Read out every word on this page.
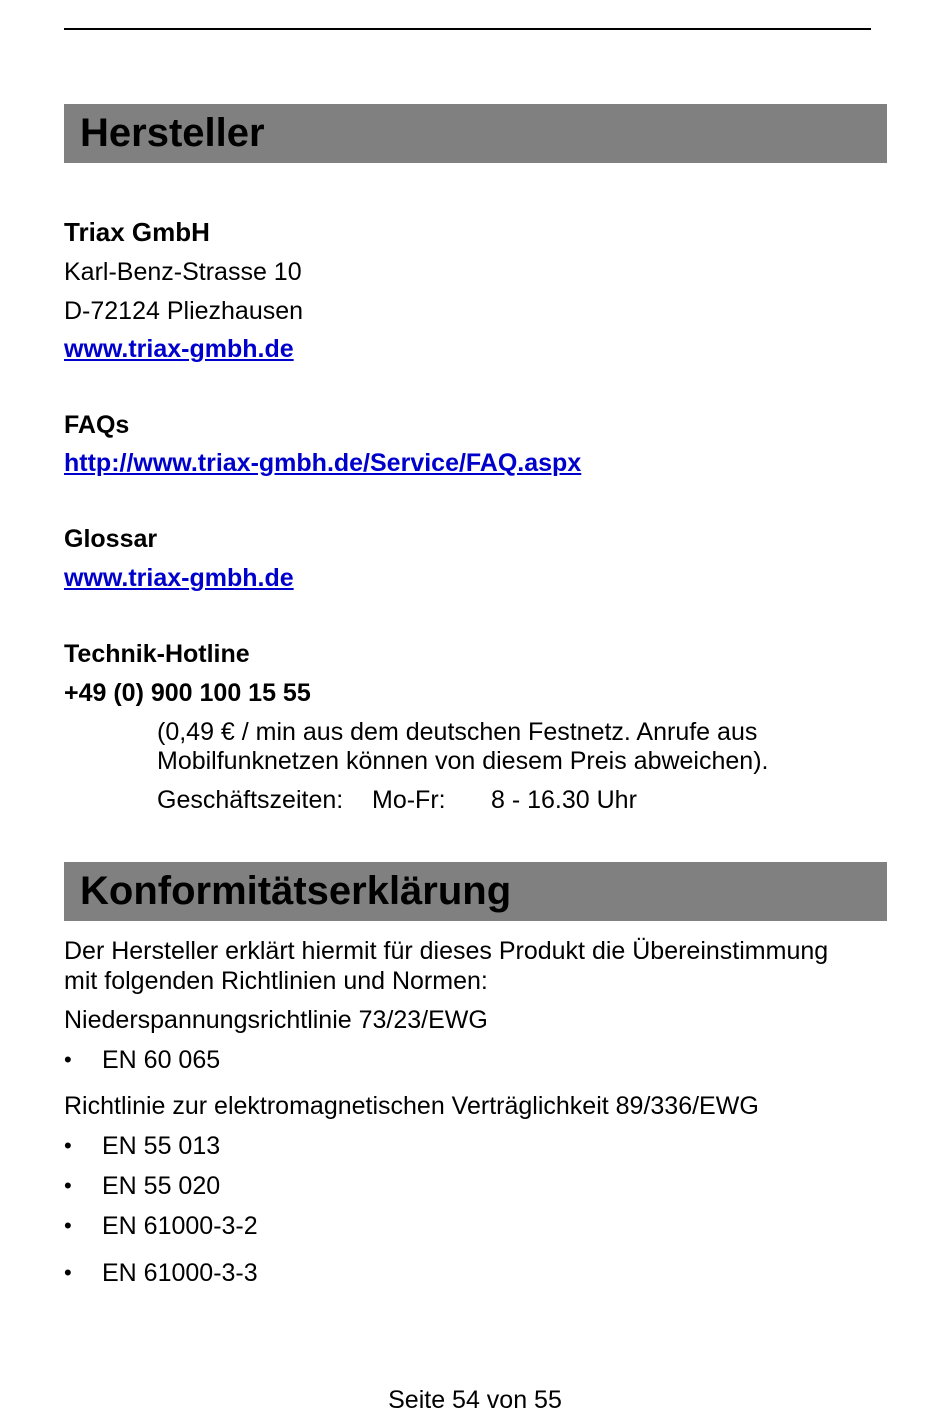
Hersteller
Triax GmbH
Karl-Benz-Strasse 10
D-72124 Pliezhausen
www.triax-gmbh.de
FAQs
http://www.triax-gmbh.de/Service/FAQ.aspx
Glossar
www.triax-gmbh.de
Technik-Hotline
+49 (0) 900 100 15 55
(0,49 € / min aus dem deutschen Festnetz. Anrufe aus
Mobilfunknetzen können von diesem Preis abweichen).
Geschäftszeiten: Mo-Fr: 8 - 16.30 Uhr
Konformitätserklärung
Der Hersteller erklärt hiermit für dieses Produkt die Übereinstimmung
mit folgenden Richtlinien und Normen:
Niederspannungsrichtlinie 73/23/EWG
• EN 60 065
Richtlinie zur elektromagnetischen Verträglichkeit 89/336/EWG
• EN 55 013
• EN 55 020
• EN 61000-3-2
• EN 61000-3-3
Seite 54 von 55
